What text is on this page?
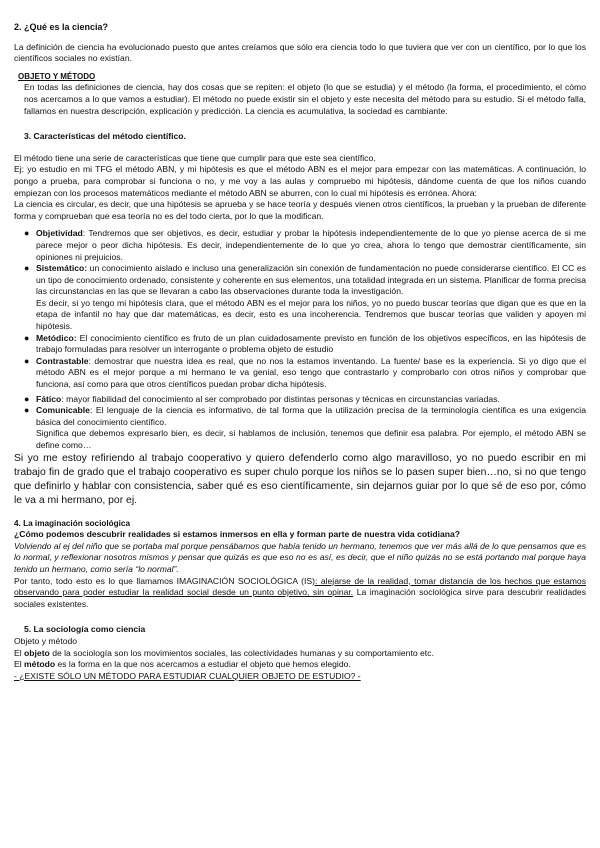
2. ¿Qué es la ciencia?

La definición de ciencia ha evolucionado puesto que antes creíamos que sólo era ciencia todo lo que tuviera que ver con un científico, por lo que los científicos sociales no existían.

OBJETO Y MÉTODO

En todas las definiciones de ciencia, hay dos cosas que se repiten: el objeto (lo que se estudia) y el método (la forma, el procedimiento, el cómo nos acercamos a lo que vamos a estudiar). El método no puede existir sin el objeto y este necesita del método para su estudio. Si el método falla, fallamos en nuestra descripción, explicación y predicción. La ciencia es acumulativa, la sociedad es cambiante.

3. Características del método científico.

El método tiene una serie de características que tiene que cumplir para que este sea científico.

Ej: yo estudio en mi TFG el método ABN, y mi hipótesis es que el método ABN es el mejor para empezar con las matemáticas. A continuación, lo pongo a prueba, para comprobar si funciona o no, y me voy a las aulas y compruebo mi hipótesis, dándome cuenta de que los niños cuando empiezan con los procesos matemáticos mediante el método ABN se aburren, con lo cual mi hipótesis es errónea. Ahora:

La ciencia es circular, es decir, que una hipótesis se aprueba y se hace teoría y después vienen otros científicos, la prueban y la prueban de diferente forma y comprueban que esa teoría no es del todo cierta, por lo que la modifican.

● Objetividad: Tendremos que ser objetivos, es decir, estudiar y probar la hipótesis independientemente de lo que yo piense acerca de si me parece mejor o peor dicha hipótesis. Es decir, independientemente de lo que yo crea, ahora lo tengo que demostrar científicamente, sin opiniones ni prejuicios.

● Sistemático: un conocimiento aislado e incluso una generalización sin conexión de fundamentación no puede considerarse científico. El CC es un tipo de conocimiento ordenado, consistente y coherente en sus elementos, una totalidad integrada en un sistema. Planificar de forma precisa las circunstancias en las que se llevaran a cabo las observaciones durante toda la investigación.

Es decir, si yo tengo mi hipótesis clara, que el método ABN es el mejor para los niños, yo no puedo buscar teorías que digan que es que en la etapa de infantil no hay que dar matemáticas, es decir, esto es una incoherencia. Tendremos que buscar teorías que validen y apoyen mi hipótesis.

● Metódico: El conocimiento científico es fruto de un plan cuidadosamente previsto en función de los objetivos específicos, en las hipótesis de trabajo formuladas para resolver un interrogante o problema objeto de estudio

● Contrastable: demostrar que nuestra idea es real, que no nos la estamos inventando. La fuente/ base es la experiencia. Si yo digo que el método ABN es el mejor porque a mi hermano le va genial, eso tengo que contrastarlo y comprobarlo con otros niños y comprobar que funciona, así como para que otros científicos puedan probar dicha hipótesis.

● Fático: mayor fiabilidad del conocimiento al ser comprobado por distintas personas y técnicas en circunstancias variadas.

● Comunicable: El lenguaje de la ciencia es informativo, de tal forma que la utilización precisa de la terminología científica es una exigencia básica del conocimiento científico.

Significa que debemos expresarlo bien, es decir, si hablamos de inclusión, tenemos que definir esa palabra. Por ejemplo, el método ABN se define como…

Si yo me estoy refiriendo al trabajo cooperativo y quiero defenderlo como algo maravilloso, yo no puedo escribir en mi trabajo fin de grado que el trabajo cooperativo es super chulo porque los niños se lo pasen super bien…no, si no que tengo que definirlo y hablar con consistencia, saber qué es eso científicamente, sin dejarnos guiar por lo que sé de eso por, cómo le va a mi hermano, por ej.

4. La imaginación sociológica

¿Cómo podemos descubrir realidades si estamos inmersos en ella y forman parte de nuestra vida cotidiana?

Volviendo al ej del niño que se portaba mal porque pensábamos que había tenido un hermano, tenemos que ver más allá de lo que pensamos que es lo normal, y reflexionar nosotros mismos y pensar que quizás es que eso no es así, es decir, que el niño quizás no se está portando mal porque haya tenido un hermano, como sería “lo normal”.

Por tanto, todo esto es lo que llamamos IMAGINACIÓN SOCIOLÓGICA (IS): alejarse de la realidad, tomar distancia de los hechos que estamos observando para poder estudiar la realidad social desde un punto objetivo, sin opinar. La imaginación sociológica sirve para descubrir realidades sociales existentes.

5. La sociología como ciencia

Objeto y método

El objeto de la sociología son los movimientos sociales, las colectividades humanas y su comportamiento etc.

El método es la forma en la que nos acercamos a estudiar el objeto que hemos elegido.

- ¿EXISTE SÓLO UN MÉTODO PARA ESTUDIAR CUALQUIER OBJETO DE ESTUDIO? -
